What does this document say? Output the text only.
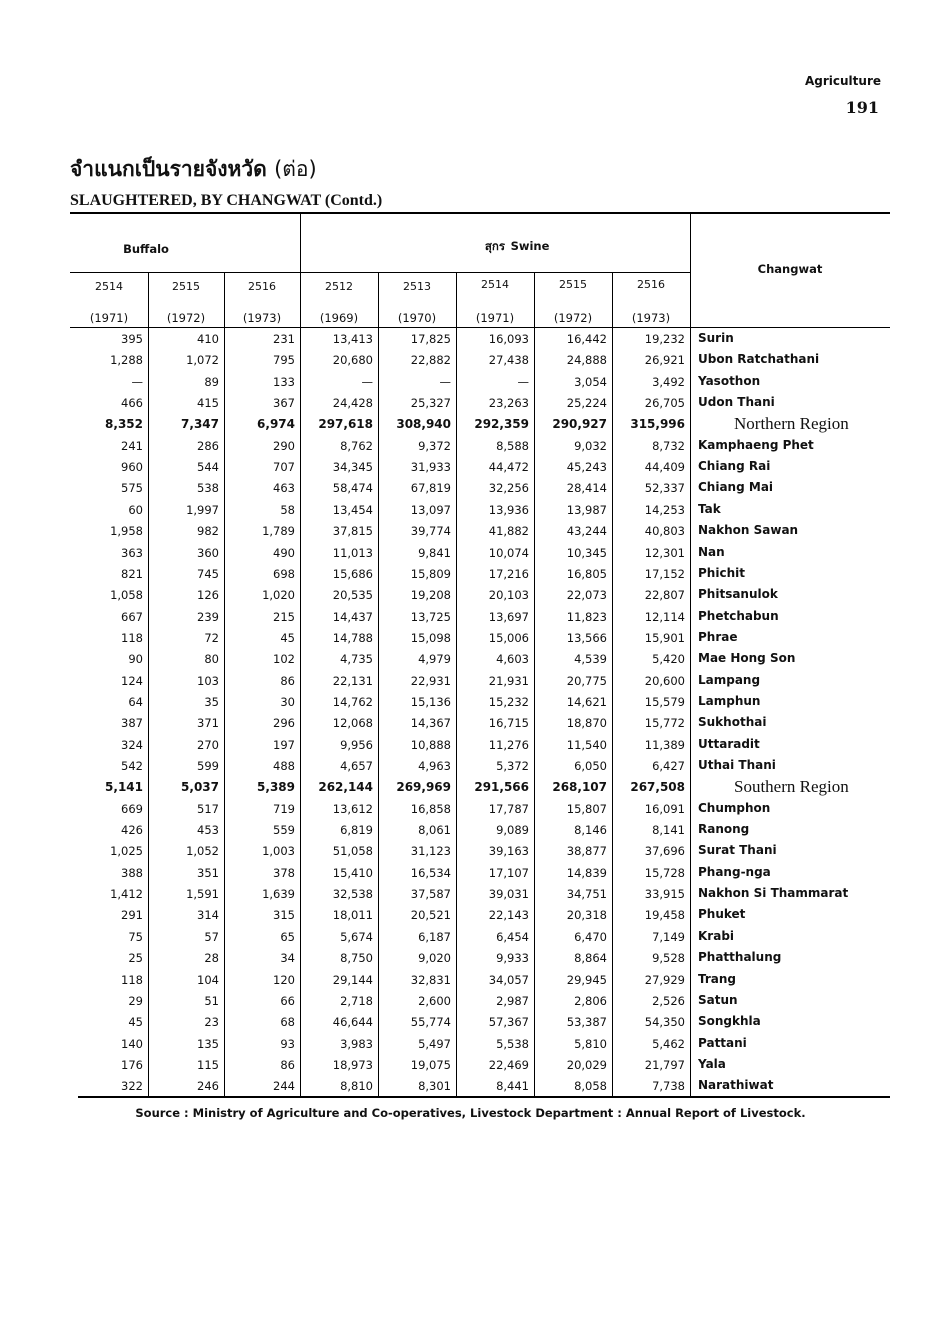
Agriculture
191
จำแนกเป็นรายจังหวัด (ต่อ)
SLAUGHTERED, BY CHANGWAT (Contd.)
Buffalo	สุกร Swine
Changwat
2514	2515	2516	2512	2513	2514	2515	2516
(1971)	(1972)	(1973)	(1969)	(1970)	(1971)	(1972)	(1973)
395	410	231	13,413	17,825	16,093	16,442	19,232 Surin
1,288	1,072	795	20,680	22,882	27,438	24,888	26,921 Ubon Ratchathani
—	89	133	—	—	—	3,054	3,492 Yasothon
466	415	367	24,428	25,327	23,263	25,224	26,705 Udon Thani
8,352	7,347	6,974 297,618 308,940 292,359 290,927 315,996	Northern Region
241	286	290	8,762	9,372	8,588	9,032	8,732 Kamphaeng Phet
960	544	707	34,345	31,933	44,472	45,243	44,409 Chiang Rai
575	538	463	58,474	67,819	32,256	28,414	52,337 Chiang Mai
60	1,997	58	13,454	13,097	13,936	13,987	14,253 Tak
1,958	982	1,789	37,815	39,774	41,882	43,244	40,803 Nakhon Sawan
363	360	490	11,013	9,841	10,074	10,345	12,301 Nan
821	745	698	15,686	15,809	17,216	16,805	17,152 Phichit
1,058	126	1,020	20,535	19,208	20,103	22,073	22,807 Phitsanulok
667	239	215	14,437	13,725	13,697	11,823	12,114 Phetchabun
118	72	45	14,788	15,098	15,006	13,566	15,901 Phrae
90	80	102	4,735	4,979	4,603	4,539	5,420 Mae Hong Son
124	103	86	22,131	22,931	21,931	20,775	20,600 Lampang
64	35	30	14,762	15,136	15,232	14,621	15,579 Lamphun
387	371	296	12,068	14,367	16,715	18,870	15,772 Sukhothai
324	270	197	9,956	10,888	11,276	11,540	11,389 Uttaradit
542	599	488	4,657	4,963	5,372	6,050	6,427 Uthai Thani
5,141	5,037	5,389 262,144 269,969 291,566 268,107 267,508	Southern Region
669	517	719	13,612	16,858	17,787	15,807	16,091 Chumphon
426	453	559	6,819	8,061	9,089	8,146	8,141 Ranong
1,025	1,052	1,003	51,058	31,123	39,163	38,877	37,696 Surat Thani
388	351	378	15,410	16,534	17,107	14,839	15,728 Phang-nga
1,412	1,591	1,639	32,538	37,587	39,031	34,751	33,915 Nakhon Si Thammarat
291	314	315	18,011	20,521	22,143	20,318	19,458 Phuket
75	57	65	5,674	6,187	6,454	6,470	7,149 Krabi
25	28	34	8,750	9,020	9,933	8,864	9,528 Phatthalung
118	104	120	29,144	32,831	34,057	29,945	27,929 Trang
29	51	66	2,718	2,600	2,987	2,806	2,526 Satun
45	23	68	46,644	55,774	57,367	53,387	54,350 Songkhla
140	135	93	3,983	5,497	5,538	5,810	5,462 Pattani
176	115	86	18,973	19,075	22,469	20,029	21,797 Yala
322	246	244	8,810	8,301	8,441	8,058	7,738 Narathiwat
Source : Ministry of Agriculture and Co-operatives, Livestock Department : Annual Report of Livestock.
